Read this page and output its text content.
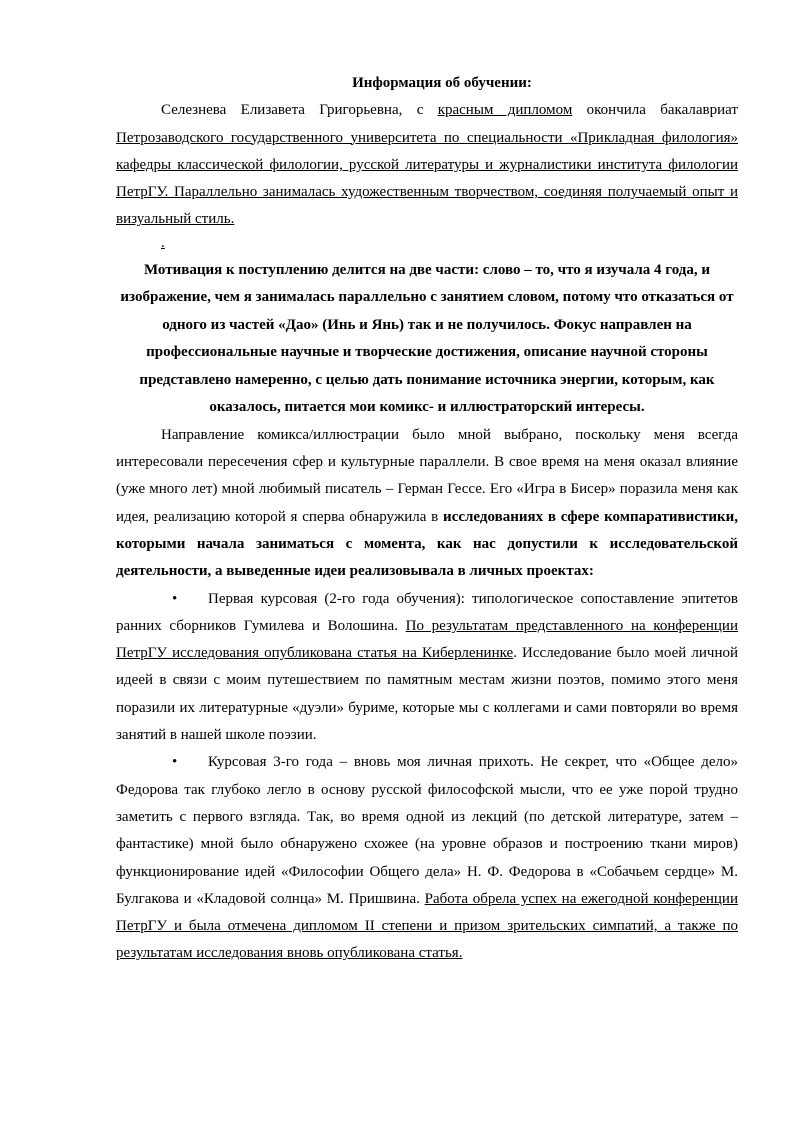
Информация об обучении:

Селезнева Елизавета Григорьевна, с красным дипломом окончила бакалавриат Петрозаводского государственного университета по специальности «Прикладная филология» кафедры классической филологии, русской литературы и журналистики института филологии ПетрГУ. Параллельно занималась художественным творчеством, соединяя получаемый опыт и визуальный стиль.

.

Мотивация к поступлению делится на две части: слово – то, что я изучала 4 года, и изображение, чем я занималась параллельно с занятием словом, потому что отказаться от одного из частей «Дао» (Инь и Янь) так и не получилось. Фокус направлен на профессиональные научные и творческие достижения, описание научной стороны представлено намеренно, с целью дать понимание источника энергии, которым, как оказалось, питается мои комикс- и иллюстраторский интересы.

Направление комикса/иллюстрации было мной выбрано, поскольку меня всегда интересовали пересечения сфер и культурные параллели. В свое время на меня оказал влияние (уже много лет) мной любимый писатель – Герман Гессе. Его «Игра в Бисер» поразила меня как идея, реализацию которой я сперва обнаружила в исследованиях в сфере компаративистики, которыми начала заниматься с момента, как нас допустили к исследовательской деятельности, а выведенные идеи реализовывала в личных проектах:

• Первая курсовая (2-го года обучения): типологическое сопоставление эпитетов ранних сборников Гумилева и Волошина. По результатам представленного на конференции ПетрГУ исследования опубликована статья на Киберленинке. Исследование было моей личной идеей в связи с моим путешествием по памятным местам жизни поэтов, помимо этого меня поразили их литературные «дуэли» буриме, которые мы с коллегами и сами повторяли во время занятий в нашей школе поэзии.

• Курсовая 3-го года – вновь моя личная прихоть. Не секрет, что «Общее дело» Федорова так глубоко легло в основу русской философской мысли, что ее уже порой трудно заметить с первого взгляда. Так, во время одной из лекций (по детской литературе, затем – фантастике) мной было обнаружено схожее (на уровне образов и построению ткани миров) функционирование идей «Философии Общего дела» Н. Ф. Федорова в «Собачьем сердце» М. Булгакова и «Кладовой солнца» М. Пришвина. Работа обрела успех на ежегодной конференции ПетрГУ и была отмечена дипломом II степени и призом зрительских симпатий, а также по результатам исследования вновь опубликована статья.
